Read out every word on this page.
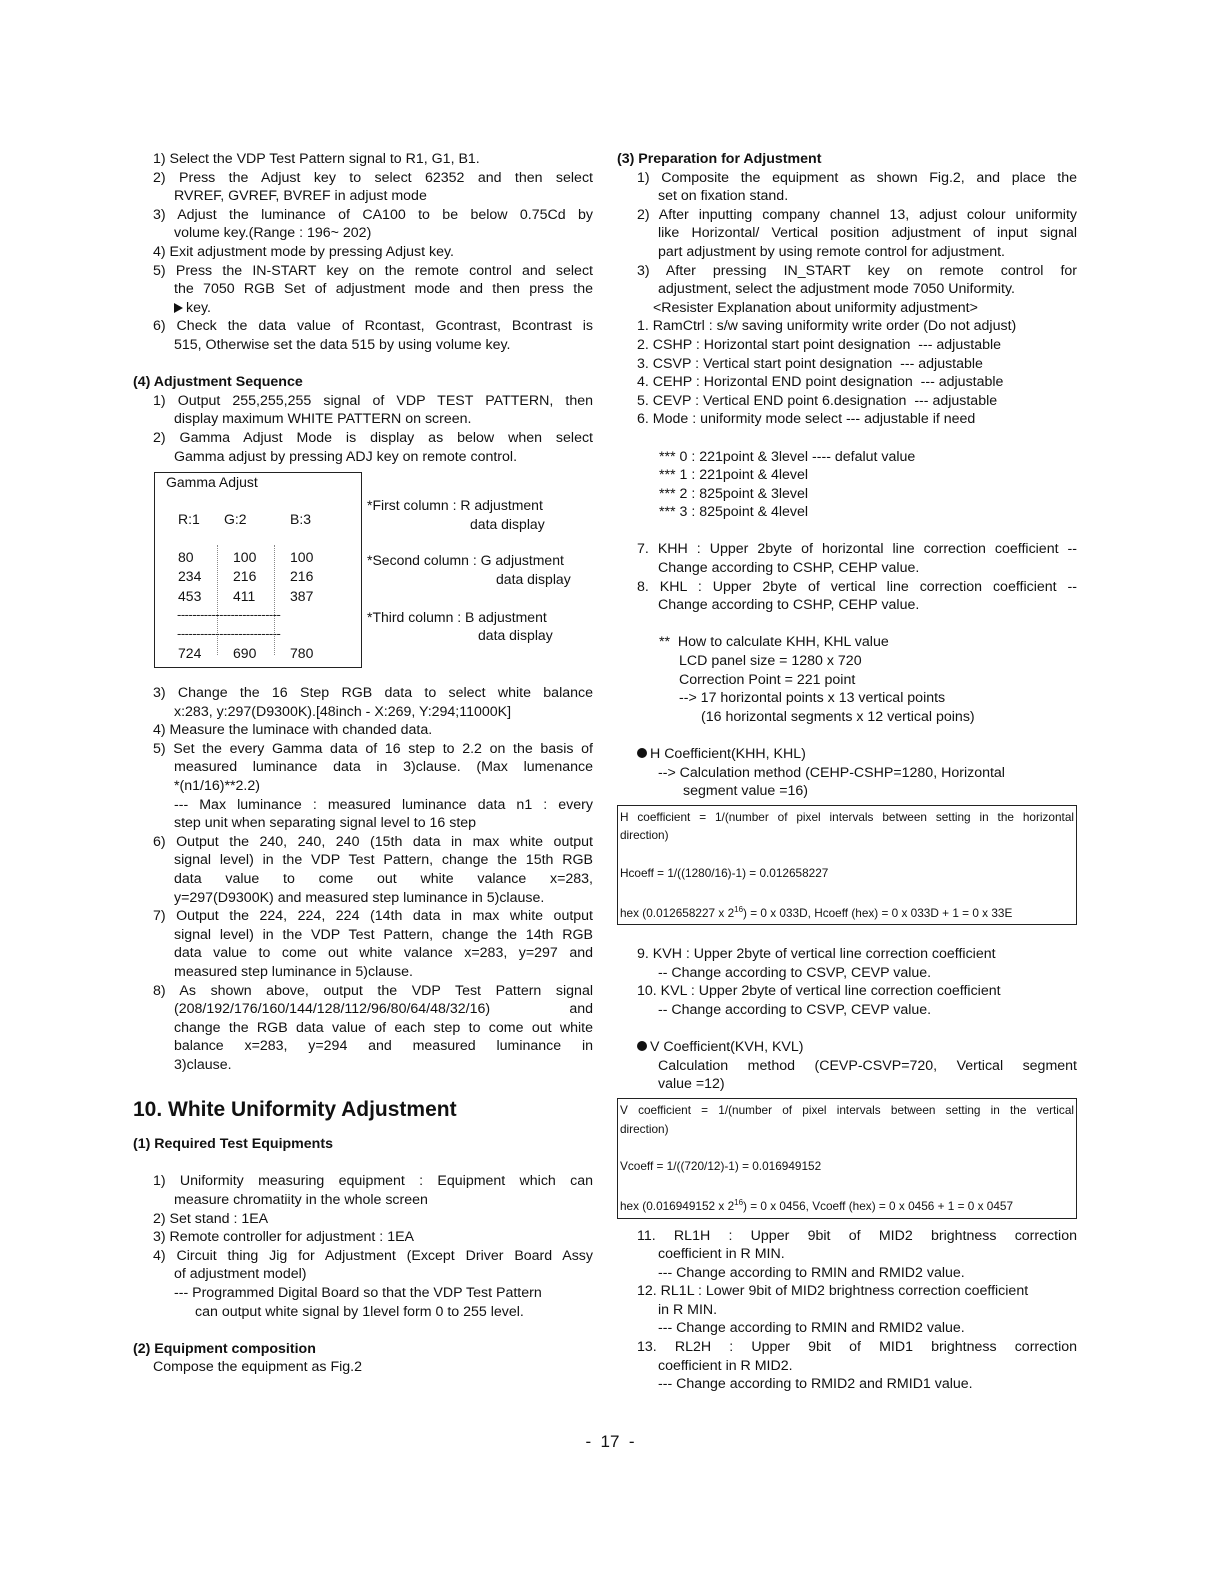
1) Select the VDP Test Pattern signal to R1, G1, B1.
2) Press the Adjust key to select 62352 and then select
RVREF, GVREF, BVREF in adjust mode
3) Adjust the luminance of CA100 to be below 0.75Cd by
volume key.(Range : 196~ 202)
4) Exit adjustment mode by pressing Adjust key.
5) Press the IN-START key on the remote control and select
the 7050 RGB Set of adjustment mode and then press the
key.
6) Check the data value of Rcontast, Gcontrast, Bcontrast is
515, Otherwise set the data 515 by using volume key.
(4) Adjustment Sequence
1) Output 255,255,255 signal of VDP TEST PATTERN, then
display maximum WHITE PATTERN on screen.
2) Gamma Adjust Mode is display as below when select
Gamma adjust by pressing ADJ key on remote control.
Gamma Adjust
R:1 G:2	B:3
80	100 100
234 216 216
453 411 387
---------------------------
---------------------------
724 690 780
*First column : R adjustment
data display
*Second column : G adjustment
data display
*Third column : B adjustment
data display
3) Change the 16 Step RGB data to select white balance
x:283, y:297(D9300K).[48inch - X:269, Y:294;11000K]
4) Measure the luminace with chanded data.
5) Set the every Gamma data of 16 step to 2.2 on the basis of
measured luminance data in 3)clause. (Max lumenance
*(n1/16)**2.2)
--- Max luminance : measured luminance data n1 : every
step unit when separating signal level to 16 step
6) Output the 240, 240, 240 (15th data in max white output
signal level) in the VDP Test Pattern, change the 15th RGB
data value to come out white valance x=283,
y=297(D9300K) and measured step luminance in 5)clause.
7) Output the 224, 224, 224 (14th data in max white output
signal level) in the VDP Test Pattern, change the 14th RGB
data value to come out white valance x=283, y=297 and
measured step luminance in 5)clause.
8) As shown above, output the VDP Test Pattern signal
(208/192/176/160/144/128/112/96/80/64/48/32/16) and
change the RGB data value of each step to come out white
balance x=283, y=294 and measured luminance in
3)clause.
10. White Uniformity Adjustment
(1) Required Test Equipments
1) Uniformity measuring equipment : Equipment which can
measure chromatiity in the whole screen
2) Set stand : 1EA
3) Remote controller for adjustment : 1EA
4) Circuit thing Jig for Adjustment (Except Driver Board Assy
of adjustment model)
--- Programmed Digital Board so that the VDP Test Pattern
can output white signal by 1level form 0 to 255 level.
(2) Equipment composition
Compose the equipment as Fig.2
(3) Preparation for Adjustment
1) Composite the equipment as shown Fig.2, and place the
set on fixation stand.
2) After inputting company channel 13, adjust colour uniformity
like Horizontal/ Vertical position adjustment of input signal
part adjustment by using remote control for adjustment.
3) After pressing IN_START key on remote control for
adjustment, select the adjustment mode 7050 Uniformity.
<Resister Explanation about uniformity adjustment>
1. RamCtrl : s/w saving uniformity write order (Do not adjust)
2. CSHP : Horizontal start point designation  --- adjustable
3. CSVP : Vertical start point designation  --- adjustable
4. CEHP : Horizontal END point designation  --- adjustable
5. CEVP : Vertical END point 6.designation  --- adjustable
6. Mode : uniformity mode select --- adjustable if need
*** 0 : 221point & 3level ---- defalut value
*** 1 : 221point & 4level
*** 2 : 825point & 3level
*** 3 : 825point & 4level
7. KHH : Upper 2byte of horizontal line correction coefficient --
Change according to CSHP, CEHP value.
8. KHL : Upper 2byte of vertical line correction coefficient --
Change according to CSHP, CEHP value.
**  How to calculate KHH, KHL value
LCD panel size = 1280 x 720
Correction Point = 221 point
--> 17 horizontal points x 13 vertical points
(16 horizontal segments x 12 vertical poins)
H Coefficient(KHH, KHL)
--> Calculation method (CEHP-CSHP=1280, Horizontal
segment value =16)
H coefficient = 1/(number of pixel intervals between setting in the horizontal
direction)
Hcoeff = 1/((1280/16)-1) = 0.012658227
hex (0.012658227 x $2^{16}) = 0$ x 033D, Hcoeff (hex) = 0 x 033D + 1 = 0 x 33E
9. KVH : Upper 2byte of vertical line correction coefficient
-- Change according to CSVP, CEVP value.
10. KVL : Upper 2byte of vertical line correction coefficient
-- Change according to CSVP, CEVP value.
V Coefficient(KVH, KVL)
Calculation method (CEVP-CSVP=720, Vertical segment
value =12)
V coefficient = 1/(number of pixel intervals between setting in the vertical
direction)
Vcoeff = 1/((720/12)-1) = 0.016949152
hex (0.016949152 x $2^{16}) = 0$ x 0456, Vcoeff (hex) = 0 x 0456 + 1 = 0 x 0457
11. RL1H : Upper 9bit of MID2 brightness correction
coefficient in R MIN.
--- Change according to RMIN and RMID2 value.
12. RL1L : Lower 9bit of MID2 brightness correction coefficient
in R MIN.
--- Change according to RMIN and RMID2 value.
13. RL2H : Upper 9bit of MID1 brightness correction
coefficient in R MID2.
--- Change according to RMID2 and RMID1 value.
-  17  -
